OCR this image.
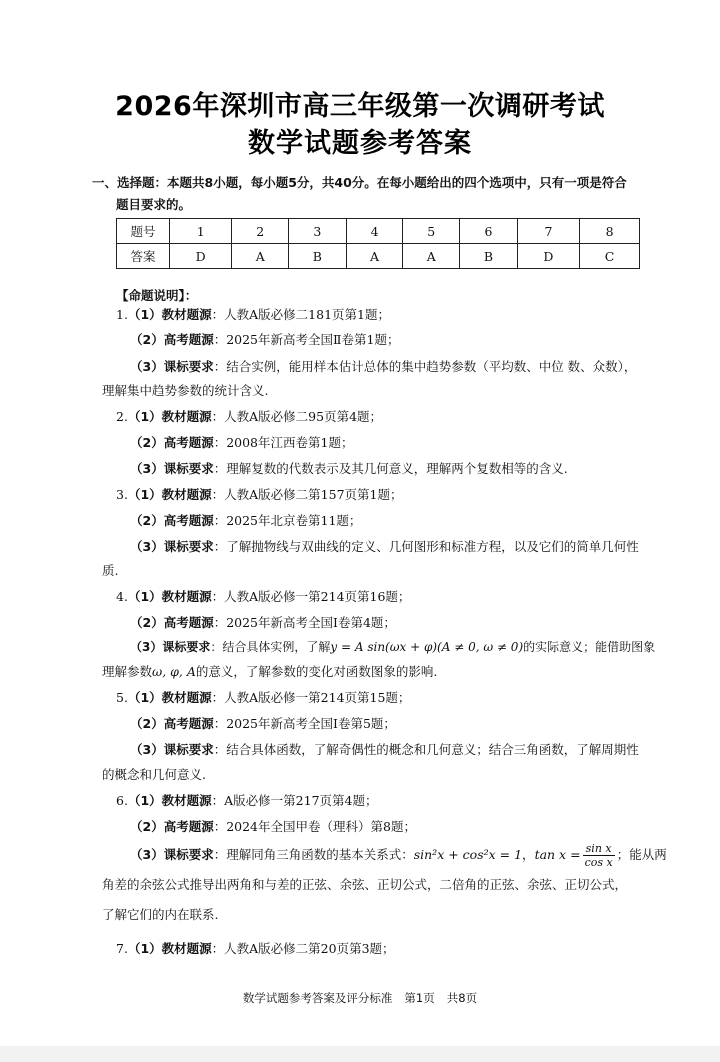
2026年深圳市高三年级第一次调研考试
数学试题参考答案
一、选择题：本题共8小题，每小题5分，共40分。在每小题给出的四个选项中，只有一项是符合
题目要求的。
题号	1	2	3	4	5	6	7	8
答案	D	A	B	A	A	B	D	C
【命题说明】：
1.（1）教材题源：人教A版必修二181页第1题；
（2）高考题源：2025年新高考全国Ⅱ卷第1题；
（3）课标要求：结合实例，能用样本估计总体的集中趋势参数（平均数、中位 数、众数），
理解集中趋势参数的统计含义.
2.（1）教材题源：人教A版必修二95页第4题；
（2）高考题源：2008年江西卷第1题；
（3）课标要求：理解复数的代数表示及其几何意义，理解两个复数相等的含义.
3.（1）教材题源：人教A版必修二第157页第1题；
（2）高考题源：2025年北京卷第11题；
（3）课标要求：了解抛物线与双曲线的定义、几何图形和标准方程，以及它们的简单几何性
质.
4.（1）教材题源：人教A版必修一第214页第16题；
（2）高考题源：2025年新高考全国Ⅰ卷第4题；
（3）课标要求：结合具体实例，了解y = A sin(ωx + φ)(A ≠ 0, ω ≠ 0)的实际意义；能借助图象
理解参数ω, φ, A的意义，了解参数的变化对函数图象的影响.
5.（1）教材题源：人教A版必修一第214页第15题；
（2）高考题源：2025年新高考全国Ⅰ卷第5题；
（3）课标要求：结合具体函数，了解奇偶性的概念和几何意义；结合三角函数，了解周期性
的概念和几何意义.
6.（1）教材题源：A版必修一第217页第4题；
（2）高考题源：2024年全国甲卷（理科）第8题；
（3）课标要求：理解同角三角函数的基本关系式：sin²x + cos²x = 1，$\tan x = \frac{\text{sin x}}{\text{cos x}}$ ；能从两
角差的余弦公式推导出两角和与差的正弦、余弦、正切公式，二倍角的正弦、余弦、正切公式，
了解它们的内在联系.
7.（1）教材题源：人教A版必修二第20页第3题；
数学试题参考答案及评分标准 第1页 共8页
